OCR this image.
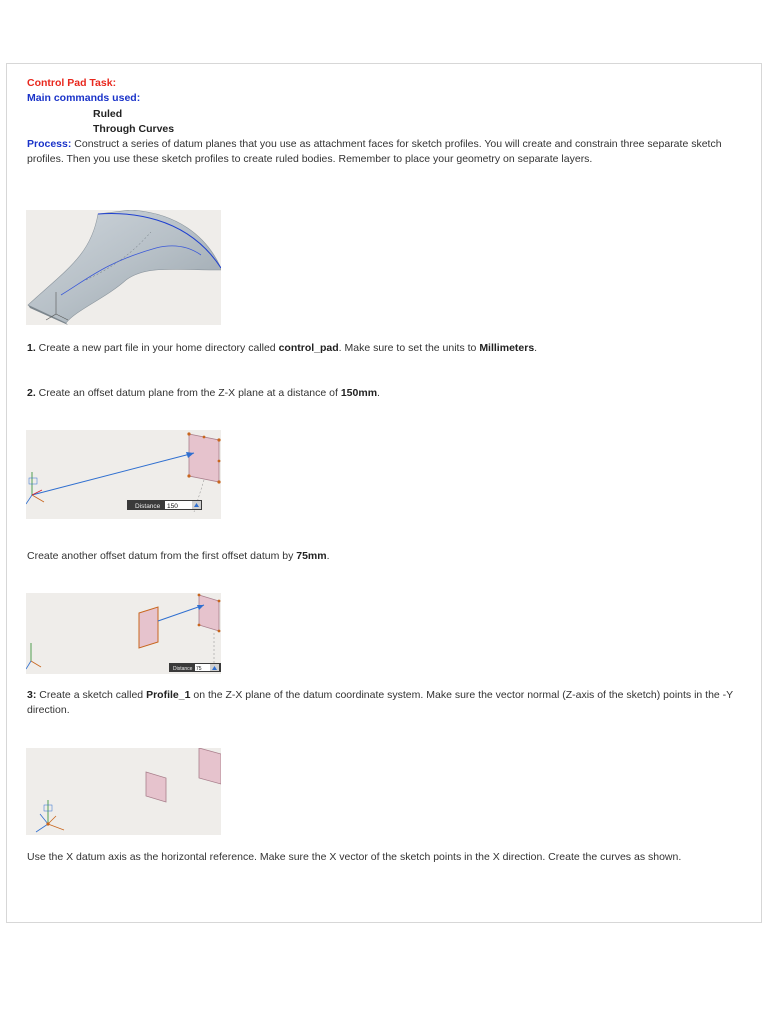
Control Pad Task:
Main commands used:
Ruled
Through Curves
Process: Construct a series of datum planes that you use as attachment faces for sketch profiles. You will create and constrain three separate sketch profiles. Then you use these sketch profiles to create ruled bodies. Remember to place your geometry on separate layers.
1. Create a new part file in your home directory called control_pad. Make sure to set the units to Millimeters.
2. Create an offset datum plane from the Z-X plane at a distance of 150mm.
Distance 150
Create another offset datum from the first offset datum by 75mm.
Distance 75
3: Create a sketch called Profile_1 on the Z-X plane of the datum coordinate system. Make sure the vector normal (Z-axis of the sketch) points in the -Y direction.
Use the X datum axis as the horizontal reference. Make sure the X vector of the sketch points in the X direction. Create the curves as shown.
